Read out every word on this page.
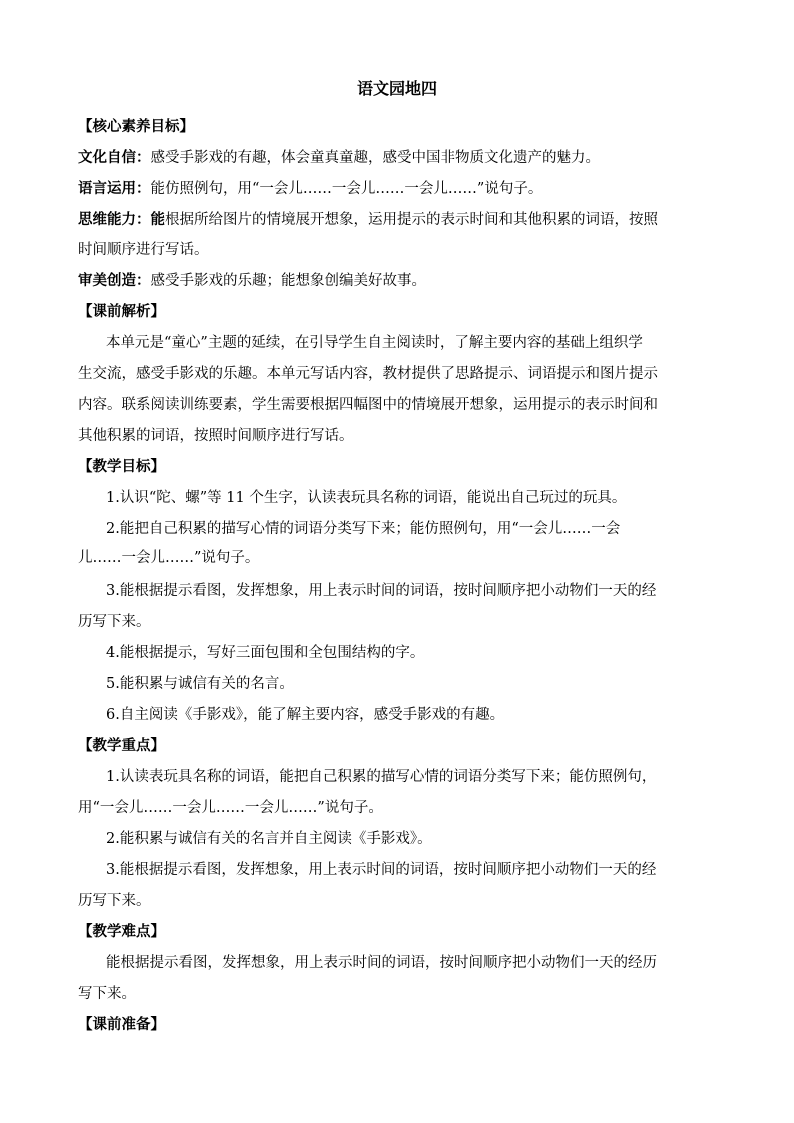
语文园地四
【核心素养目标】
文化自信：感受手影戏的有趣，体会童真童趣，感受中国非物质文化遗产的魅力。
语言运用：能仿照例句，用“一会儿……一会儿……一会儿……”说句子。
思维能力：能根据所给图片的情境展开想象，运用提示的表示时间和其他积累的词语，按照
时间顺序进行写话。
审美创造：感受手影戏的乐趣；能想象创编美好故事。
【课前解析】
本单元是“童心”主题的延续，在引导学生自主阅读时，了解主要内容的基础上组织学
生交流，感受手影戏的乐趣。本单元写话内容，教材提供了思路提示、词语提示和图片提示
内容。联系阅读训练要素，学生需要根据四幅图中的情境展开想象，运用提示的表示时间和
其他积累的词语，按照时间顺序进行写话。
【教学目标】
1.认识“陀、螺”等 11 个生字，认读表玩具名称的词语，能说出自己玩过的玩具。
2.能把自己积累的描写心情的词语分类写下来；能仿照例句，用“一会儿……一会
儿……一会儿……”说句子。
3.能根据提示看图，发挥想象，用上表示时间的词语，按时间顺序把小动物们一天的经
历写下来。
4.能根据提示，写好三面包围和全包围结构的字。
5.能积累与诚信有关的名言。
6.自主阅读《手影戏》，能了解主要内容，感受手影戏的有趣。
【教学重点】
1.认读表玩具名称的词语，能把自己积累的描写心情的词语分类写下来；能仿照例句，
用“一会儿……一会儿……一会儿……”说句子。
2.能积累与诚信有关的名言并自主阅读《手影戏》。
3.能根据提示看图，发挥想象，用上表示时间的词语，按时间顺序把小动物们一天的经
历写下来。
【教学难点】
能根据提示看图，发挥想象，用上表示时间的词语，按时间顺序把小动物们一天的经历
写下来。
【课前准备】
